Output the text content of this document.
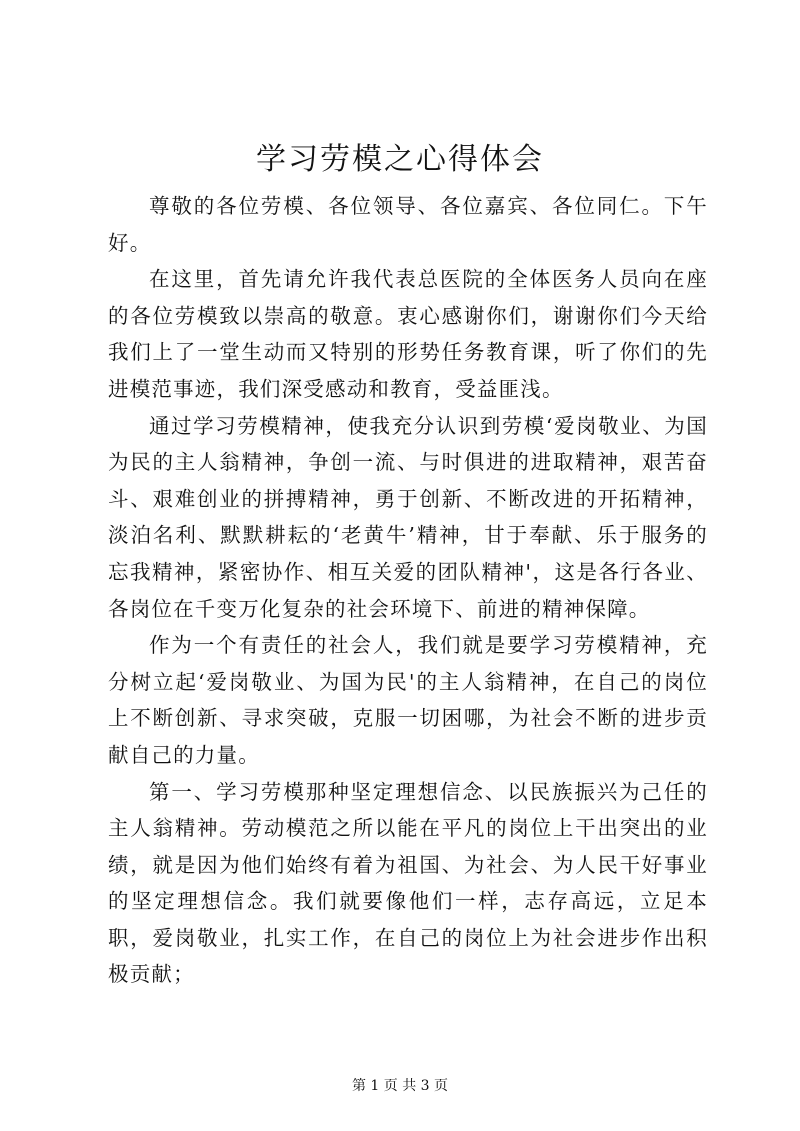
学习劳模之心得体会

尊敬的各位劳模、各位领导、各位嘉宾、各位同仁。下午好。

在这里，首先请允许我代表总医院的全体医务人员向在座的各位劳模致以崇高的敬意。衷心感谢你们，谢谢你们今天给我们上了一堂生动而又特别的形势任务教育课，听了你们的先进模范事迹，我们深受感动和教育，受益匪浅。

通过学习劳模精神，使我充分认识到劳模‘爱岗敬业、为国为民的主人翁精神，争创一流、与时俱进的进取精神，艰苦奋斗、艰难创业的拼搏精神，勇于创新、不断改进的开拓精神，淡泊名利、默默耕耘的‘老黄牛’精神，甘于奉献、乐于服务的忘我精神，紧密协作、相互关爱的团队精神'，这是各行各业、各岗位在千变万化复杂的社会环境下、前进的精神保障。

作为一个有责任的社会人，我们就是要学习劳模精神，充分树立起‘爱岗敬业、为国为民'的主人翁精神，在自己的岗位上不断创新、寻求突破，克服一切困哪，为社会不断的进步贡献自己的力量。

第一、学习劳模那种坚定理想信念、以民族振兴为己任的主人翁精神。劳动模范之所以能在平凡的岗位上干出突出的业绩，就是因为他们始终有着为祖国、为社会、为人民干好事业的坚定理想信念。我们就要像他们一样，志存高远，立足本职，爱岗敬业，扎实工作，在自己的岗位上为社会进步作出积极贡献；

第 1 页 共 3 页
